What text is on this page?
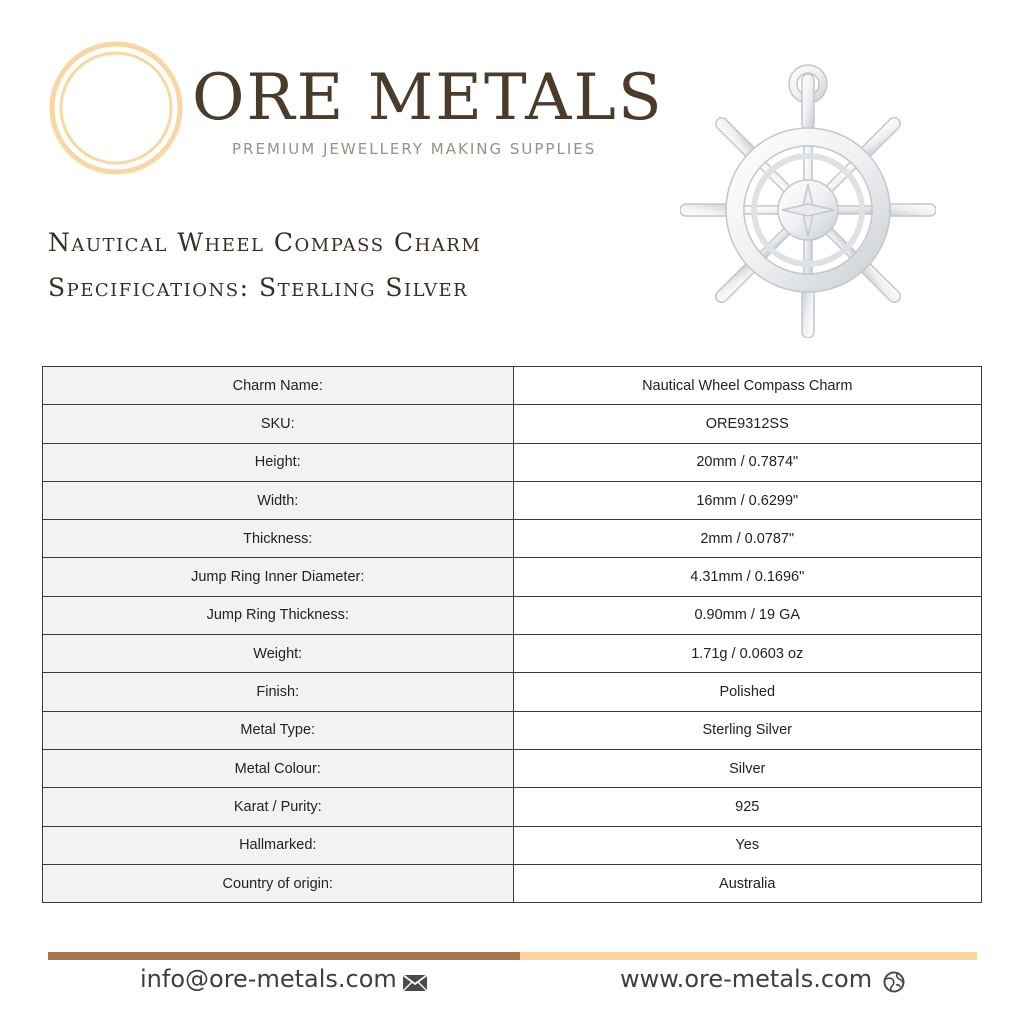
ORE METALS
PREMIUM JEWELLERY MAKING SUPPLIES
Nautical Wheel Compass Charm
Specifications: Sterling Silver
Charm Name:	Nautical Wheel Compass Charm
SKU:	ORE9312SS
Height:	20mm / 0.7874"
Width:	16mm / 0.6299"
Thickness:	2mm / 0.0787"
Jump Ring Inner Diameter:	4.31mm / 0.1696"
Jump Ring Thickness:	0.90mm / 19 GA
Weight:	1.71g / 0.0603 oz
Finish:	Polished
Metal Type:	Sterling Silver
Metal Colour:	Silver
Karat / Purity:	925
Hallmarked:	Yes
Country of origin:	Australia
info@ore-metals.com	www.ore-metals.com
